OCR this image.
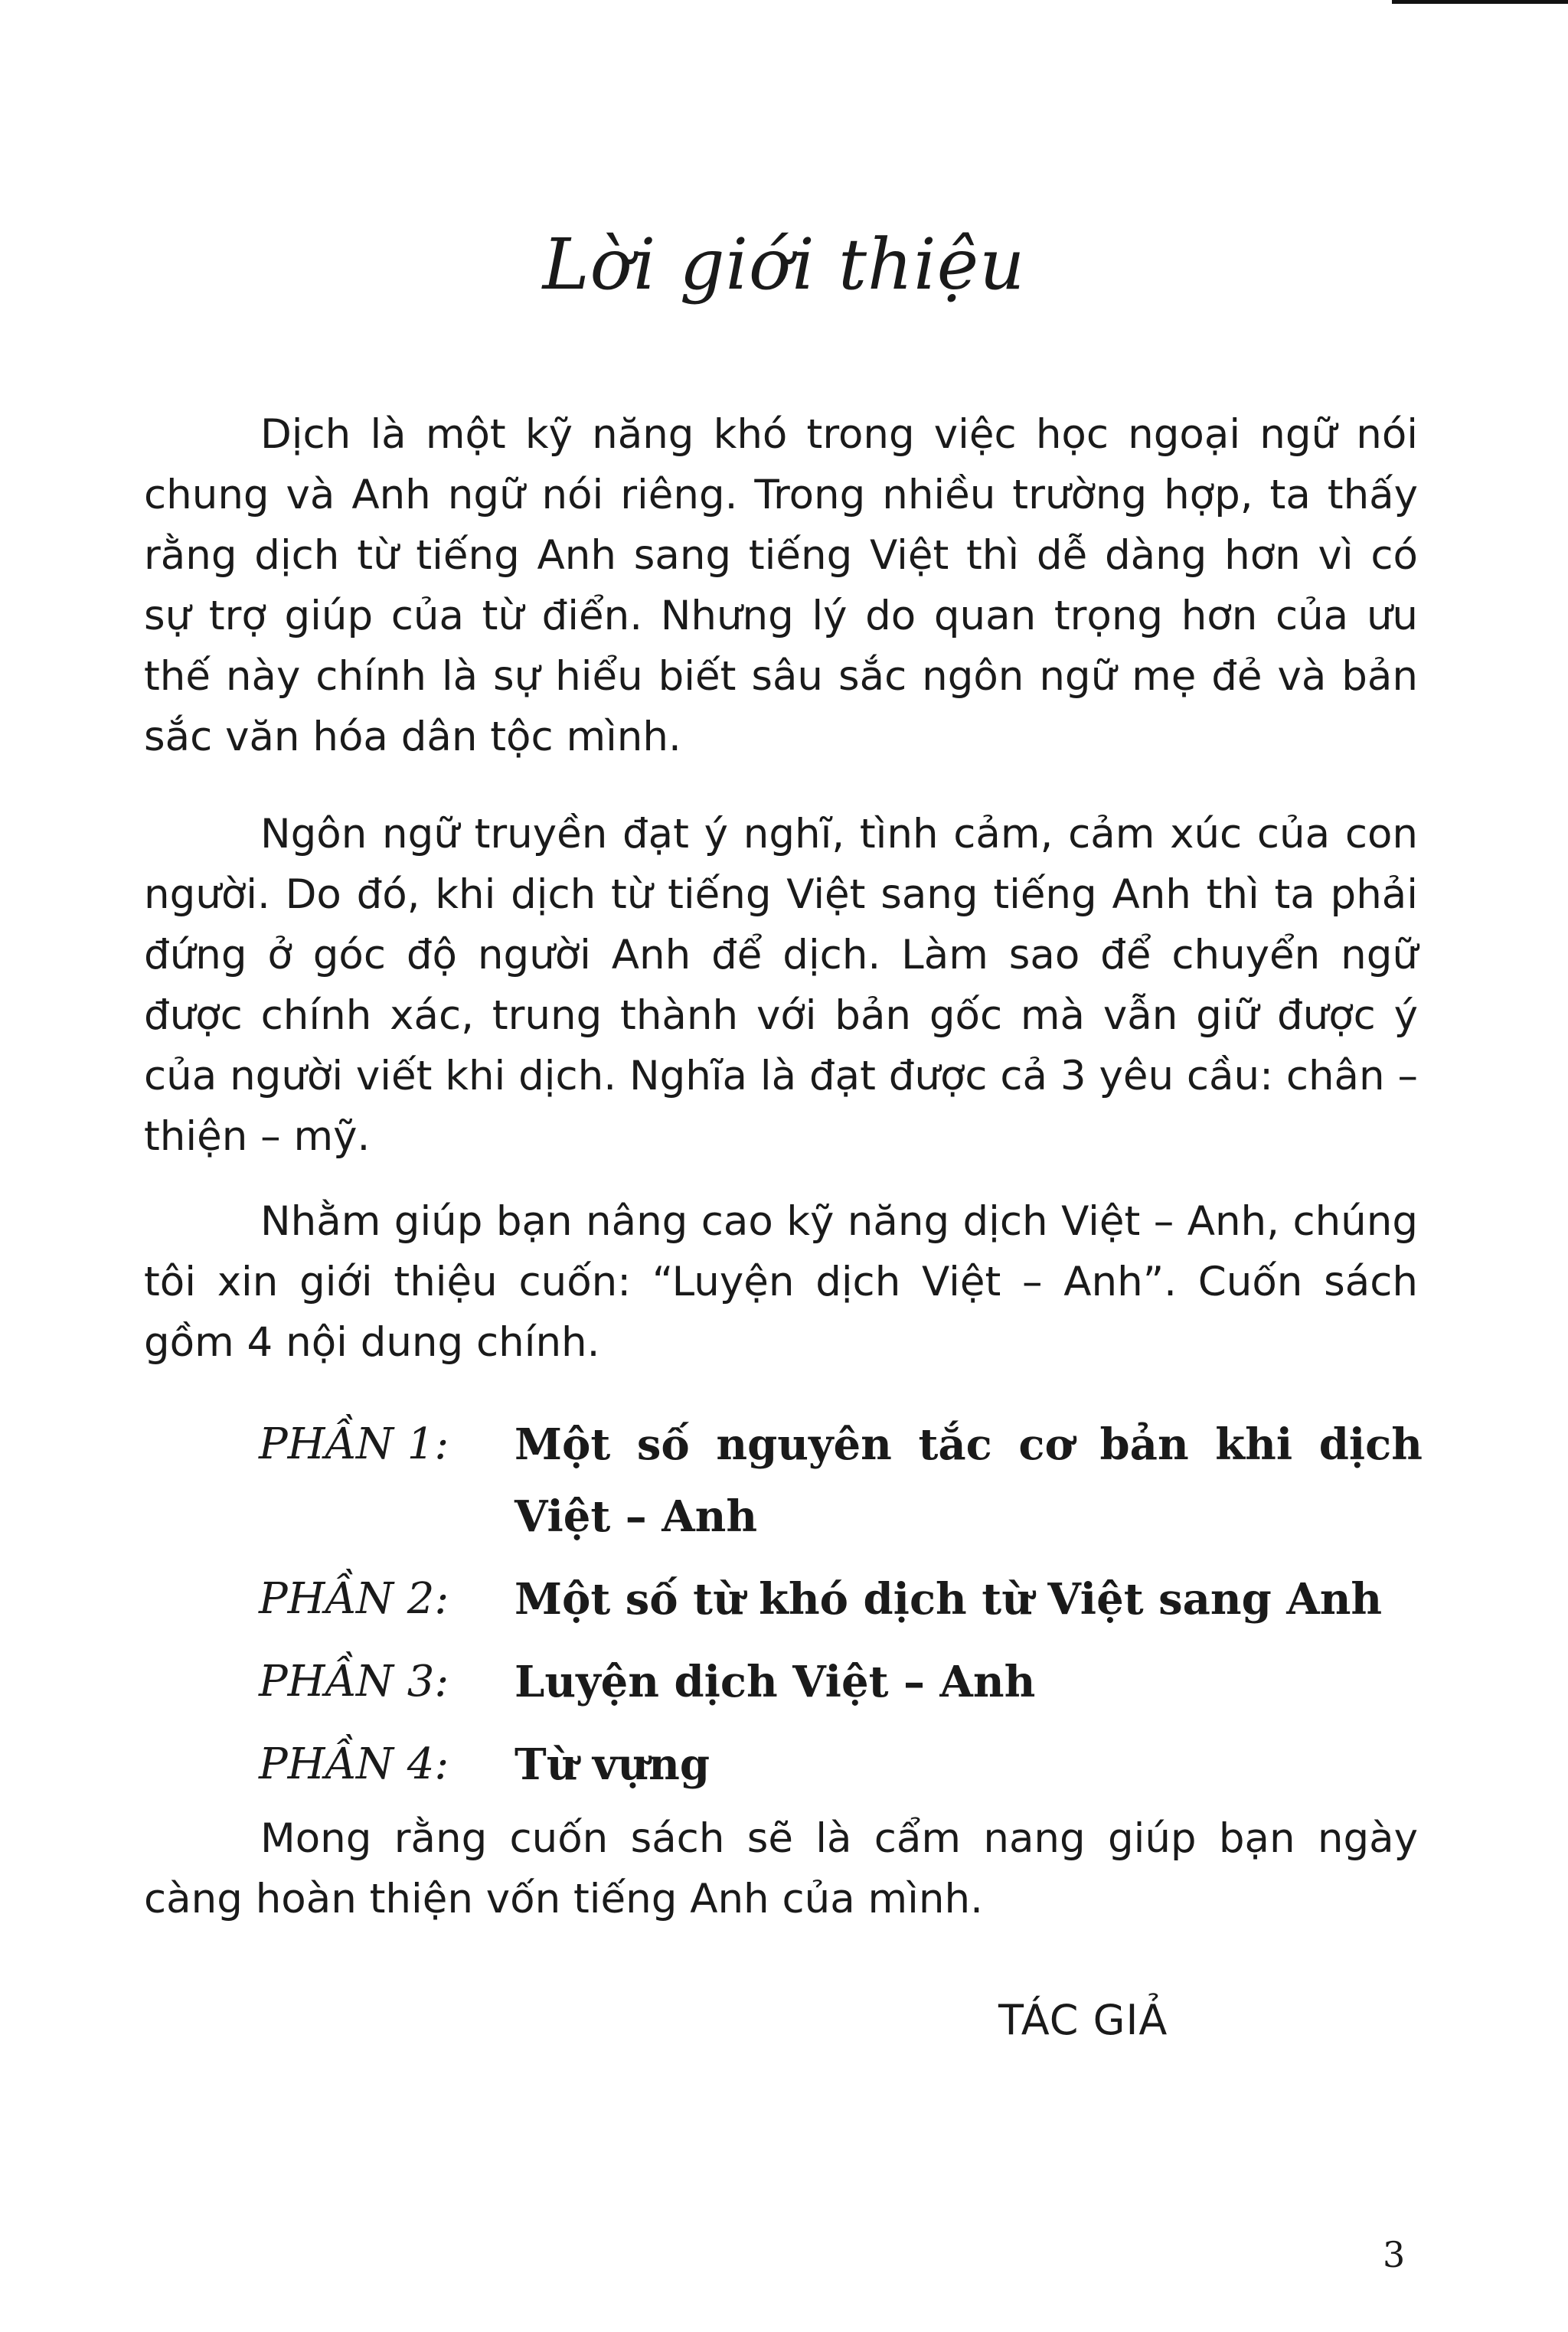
Lời giới thiệu

Dịch là một kỹ năng khó trong việc học ngoại ngữ nói chung và Anh ngữ nói riêng. Trong nhiều trường hợp, ta thấy rằng dịch từ tiếng Anh sang tiếng Việt thì dễ dàng hơn vì có sự trợ giúp của từ điển. Nhưng lý do quan trọng hơn của ưu thế này chính là sự hiểu biết sâu sắc ngôn ngữ mẹ đẻ và bản sắc văn hóa dân tộc mình.

Ngôn ngữ truyền đạt ý nghĩ, tình cảm, cảm xúc của con người. Do đó, khi dịch từ tiếng Việt sang tiếng Anh thì ta phải đứng ở góc độ người Anh để dịch. Làm sao để chuyển ngữ được chính xác, trung thành với bản gốc mà vẫn giữ được ý của người viết khi dịch. Nghĩa là đạt được cả 3 yêu cầu: chân – thiện – mỹ.

Nhằm giúp bạn nâng cao kỹ năng dịch Việt – Anh, chúng tôi xin giới thiệu cuốn: “Luyện dịch Việt – Anh”. Cuốn sách gồm 4 nội dung chính.

PHẦN 1:	Một số nguyên tắc cơ bản khi dịch Việt – Anh
PHẦN 2:	Một số từ khó dịch từ Việt sang Anh
PHẦN 3:	Luyện dịch Việt – Anh
PHẦN 4:	Từ vựng

Mong rằng cuốn sách sẽ là cẩm nang giúp bạn ngày càng hoàn thiện vốn tiếng Anh của mình.

TÁC GIẢ
3
